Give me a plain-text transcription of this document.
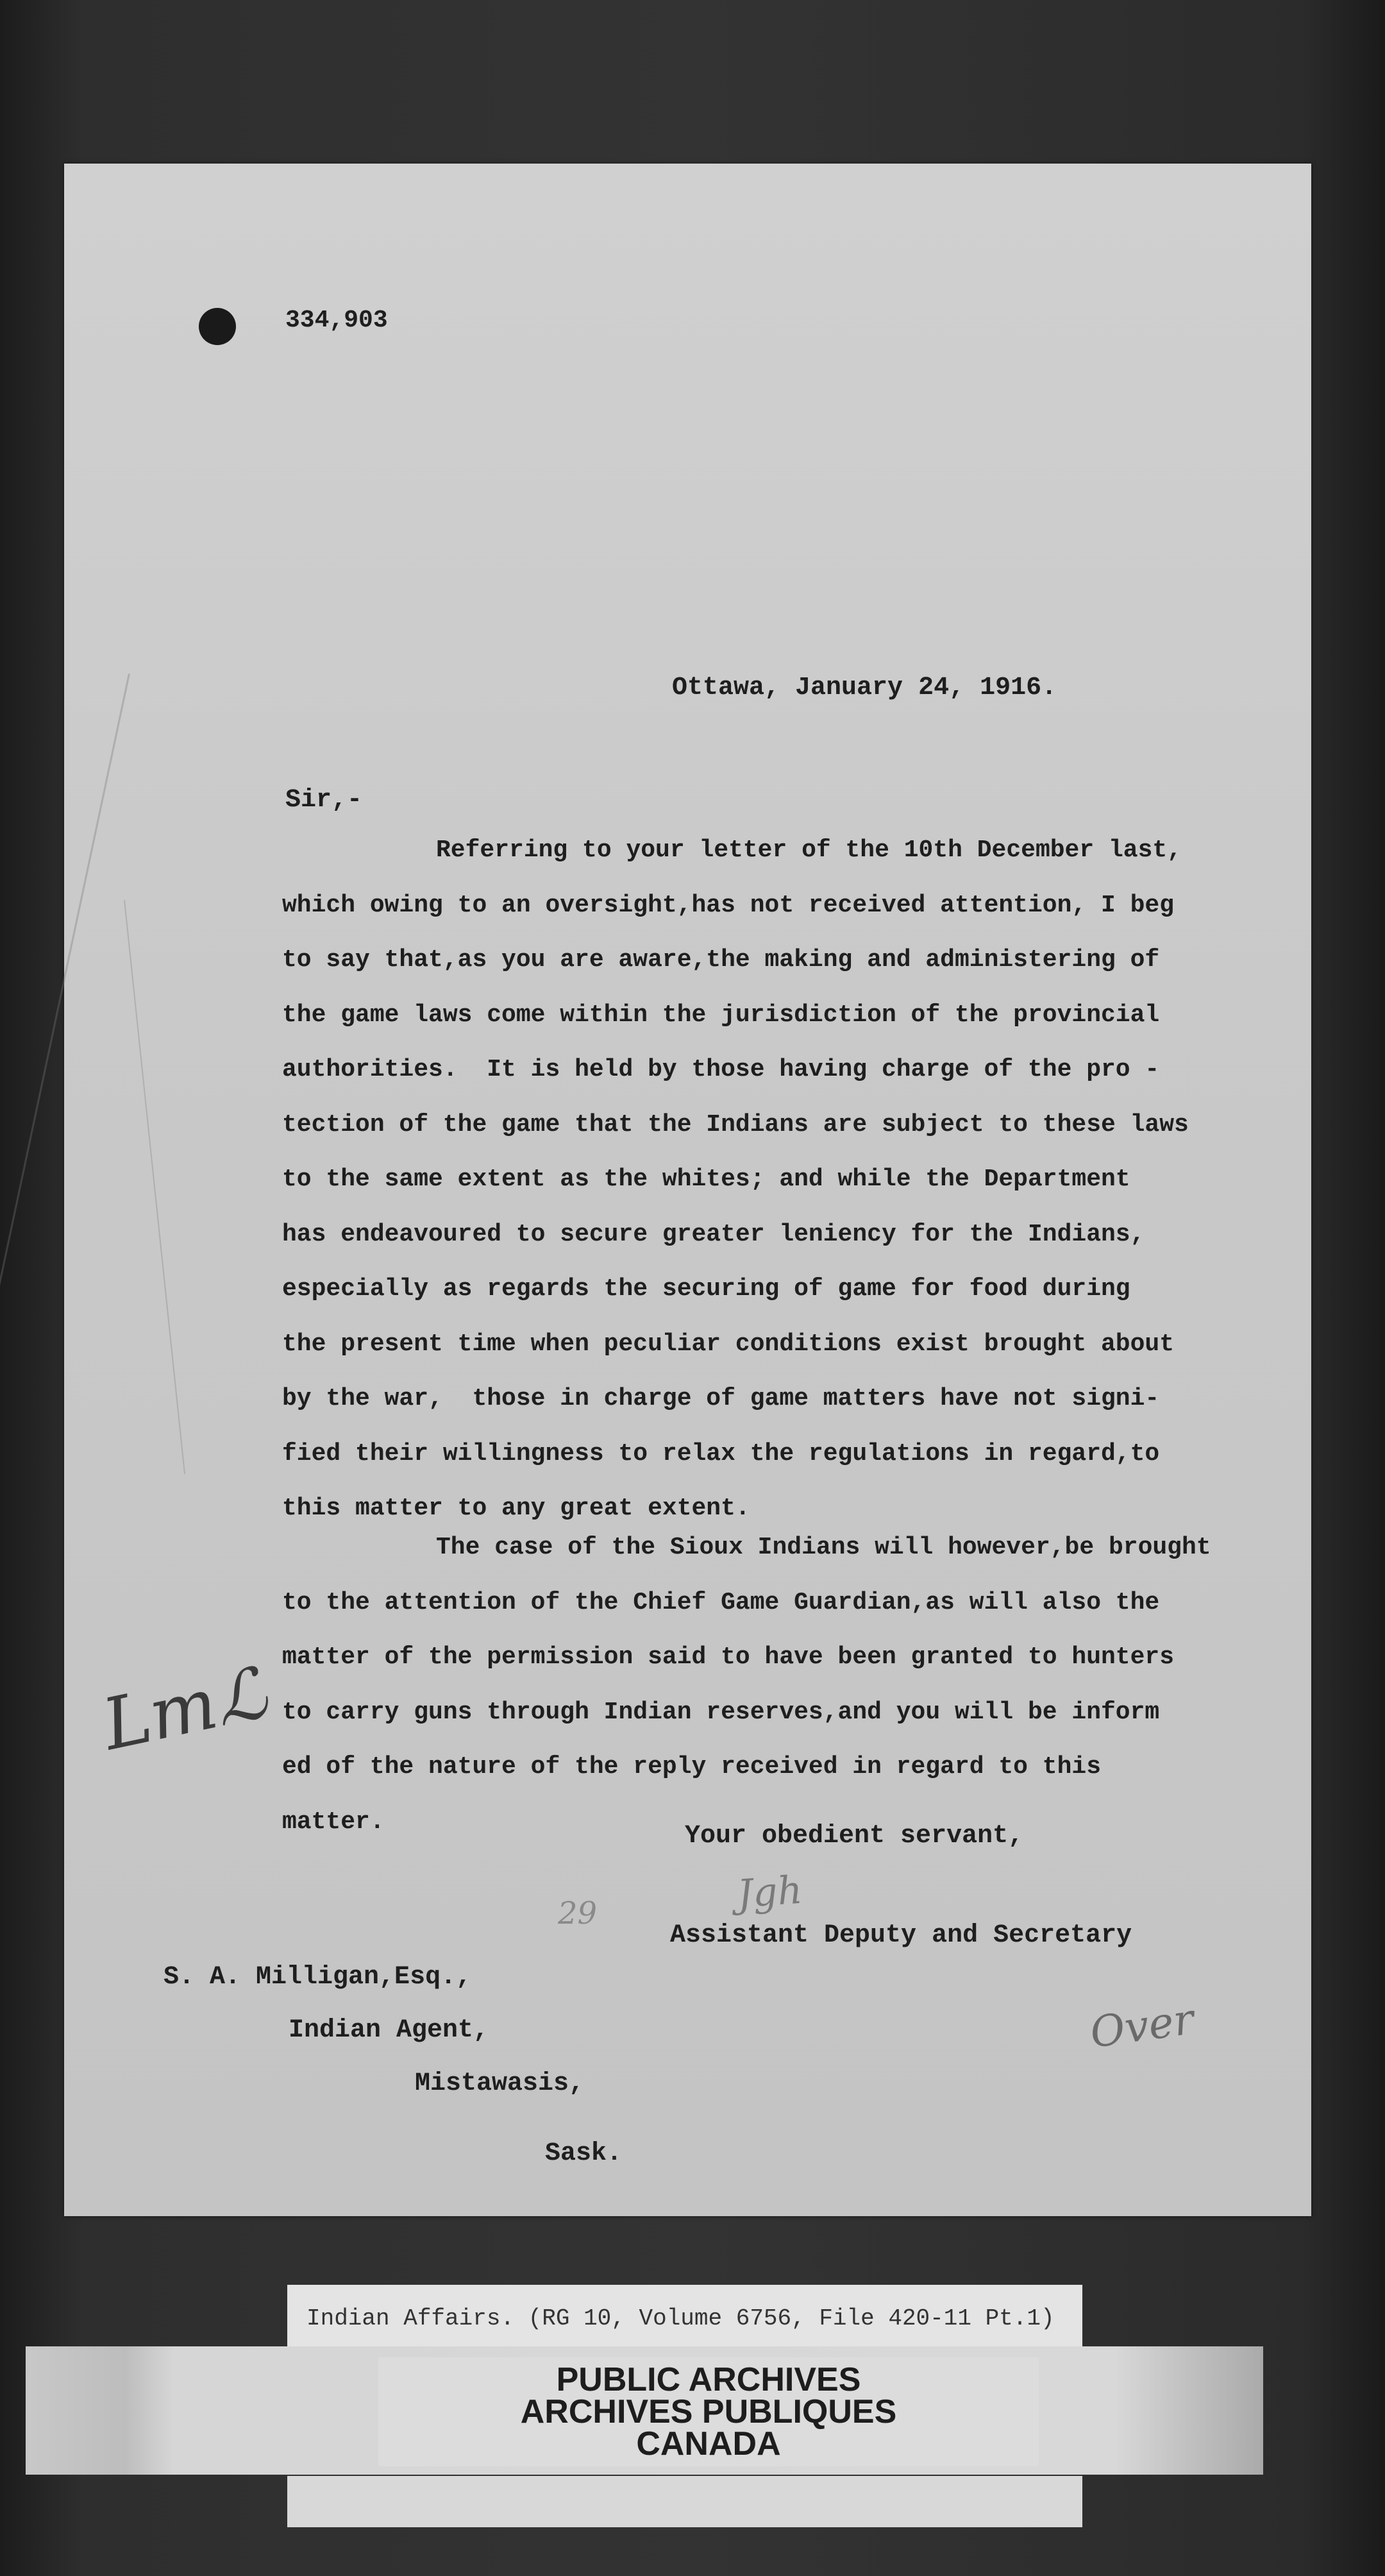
334,903
Ottawa, January 24, 1916.
Sir,-
Referring to your letter of the 10th December last,
which owing to an oversight,has not received attention, I beg
to say that,as you are aware,the making and administering of
the game laws come within the jurisdiction of the provincial
authorities.  It is held by those having charge of the pro -
tection of the game that the Indians are subject to these laws
to the same extent as the whites; and while the Department
has endeavoured to secure greater leniency for the Indians,
especially as regards the securing of game for food during
the present time when peculiar conditions exist brought about
by the war,  those in charge of game matters have not signi-
fied their willingness to relax the regulations in regard,to
this matter to any great extent.
The case of the Sioux Indians will however,be brought
to the attention of the Chief Game Guardian,as will also the
matter of the permission said to have been granted to hunters
to carry guns through Indian reserves,and you will be inform
ed of the nature of the reply received in regard to this
matter.	Your obedient servant,
29	Jgh
Assistant Deputy and Secretary
S. A. Milligan,Esq.,
Indian Agent,
Mistawasis,
Sask.
Lmℒ
Over
Indian Affairs. (RG 10, Volume 6756, File 420-11 Pt.1)
PUBLIC ARCHIVES
ARCHIVES PUBLIQUES
CANADA
